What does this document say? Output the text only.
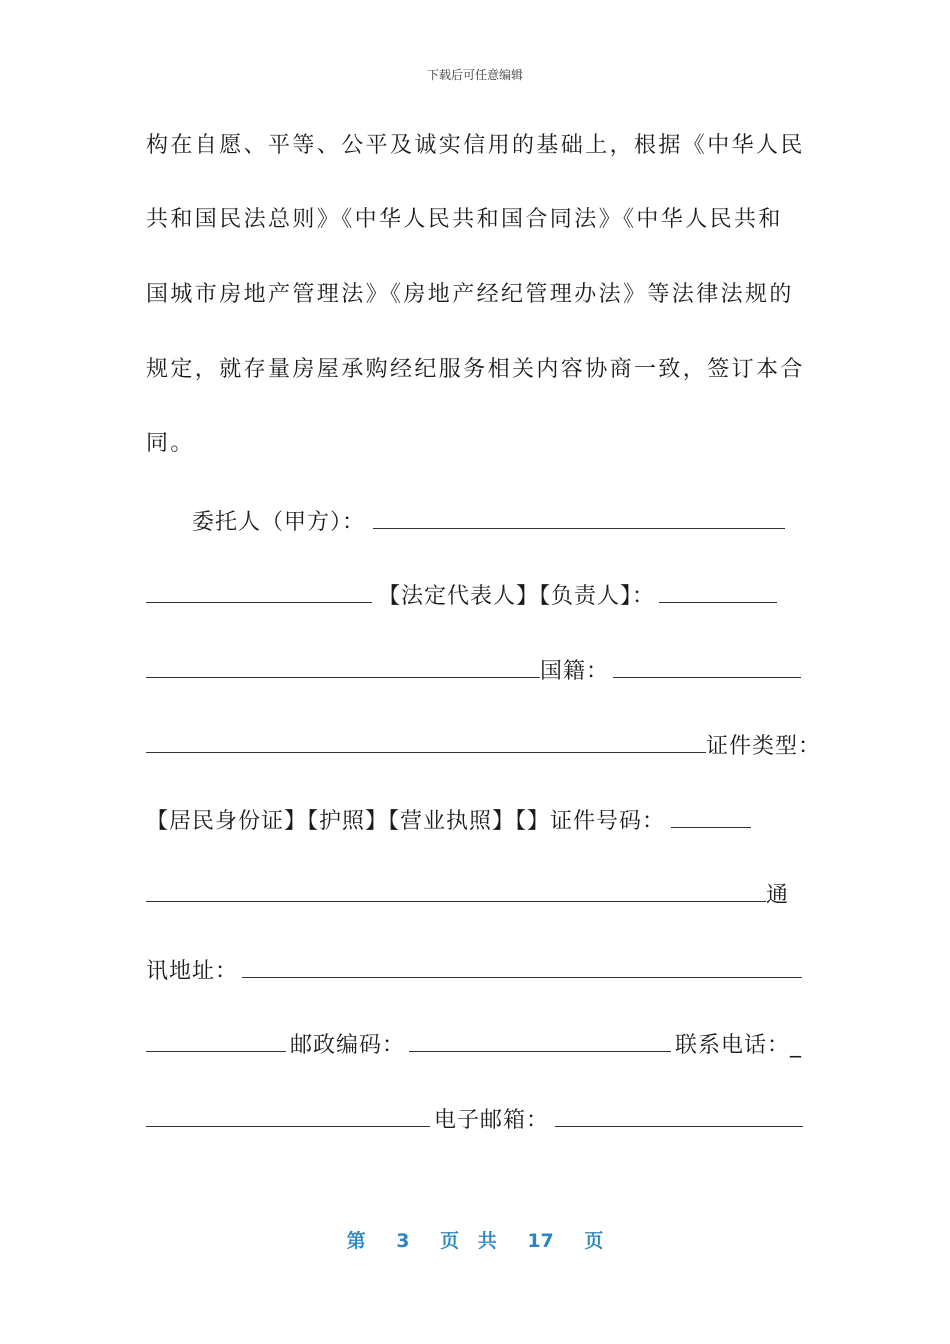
下载后可任意编辑
构在自愿、平等、公平及诚实信用的基础上，根据《中华人民
共和国民法总则》《中华人民共和国合同法》《中华人民共和
国城市房地产管理法》《房地产经纪管理办法》等法律法规的
规定，就存量房屋承购经纪服务相关内容协商一致，签订本合
同。
委托人（甲方）：
【法定代表人】【负责人】：
国籍：
证件类型：
【居民身份证】【护照】【营业执照】【】证件号码：
通
讯地址：
邮政编码：	联系电话：_
电子邮箱：
第 3 页 共 17 页
